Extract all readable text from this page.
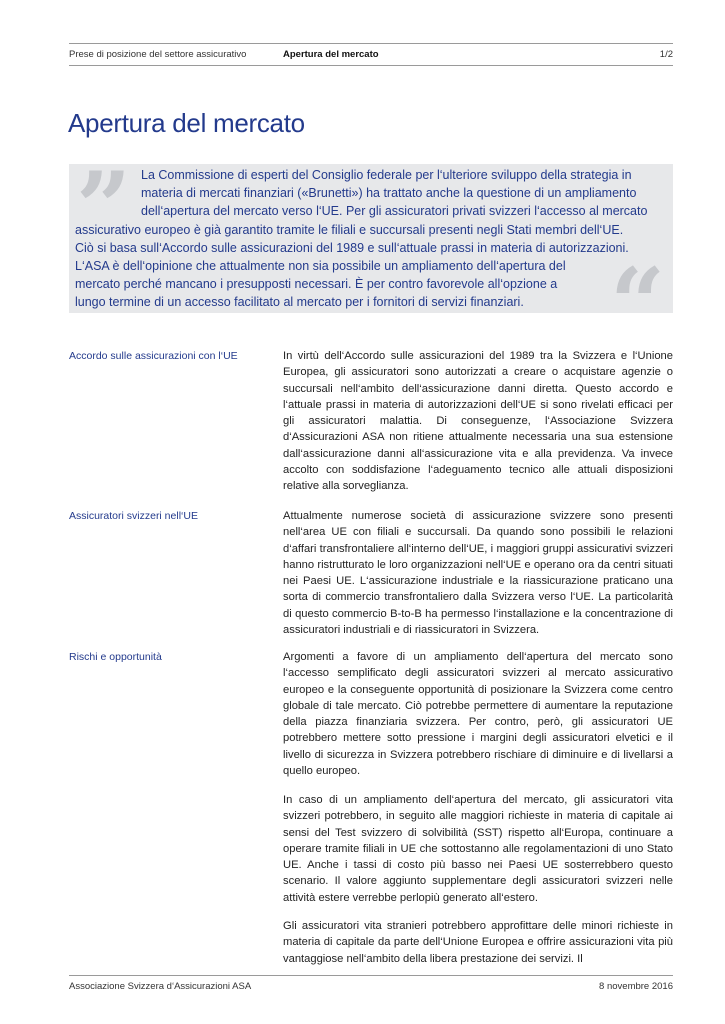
Prese di posizione del settore assicurativo	Apertura del mercato	1/2
Apertura del mercato
”
“
La Commissione di esperti del Consiglio federale per l‘ulteriore sviluppo della strategia in
materia di mercati finanziari («Brunetti») ha trattato anche la questione di un ampliamento
dell‘apertura del mercato verso l‘UE. Per gli assicuratori privati svizzeri l‘accesso al mercato
assicurativo europeo è già garantito tramite le filiali e succursali presenti negli Stati membri dell‘UE.
Ciò si basa sull‘Accordo sulle assicurazioni del 1989 e sull‘attuale prassi in materia di autorizzazioni.
L‘ASA è dell‘opinione che attualmente non sia possibile un ampliamento dell‘apertura del
mercato perché mancano i presupposti necessari. È per contro favorevole all‘opzione a
lungo termine di un accesso facilitato al mercato per i fornitori di servizi finanziari.
Accordo sulle assicurazioni con l‘UE	In virtù dell‘Accordo sulle assicurazioni del 1989 tra la Svizzera e l‘Unione Europea, gli assicuratori sono autorizzati a creare o acquistare agenzie o succursali nell‘ambito dell‘assicurazione danni diretta. Questo accordo e l‘attuale prassi in materia di autorizzazioni dell‘UE si sono rivelati efficaci per gli assicuratori malattia. Di conseguenze, l‘Associazione Svizzera d‘Assicurazioni ASA non ritiene attualmente necessaria una sua estensione dall‘assicurazione danni all‘assicurazione vita e alla previdenza. Va invece accolto con soddisfazione l‘adeguamento tecnico alle attuali disposizioni relative alla sorveglianza.

Assicuratori svizzeri nell‘UE	Attualmente numerose società di assicurazione svizzere sono presenti nell‘area UE con filiali e succursali. Da quando sono possibili le relazioni d‘affari transfrontaliere all‘interno dell‘UE, i maggiori gruppi assicurativi svizzeri hanno ristrutturato le loro organizzazioni nell‘UE e operano ora da centri situati nei Paesi UE. L‘assicurazione industriale e la riassicurazione praticano una sorta di commercio transfrontaliero dalla Svizzera verso l‘UE. La particolarità di questo commercio B-to-B ha permesso l‘installazione e la concentrazione di assicuratori industriali e di riassicuratori in Svizzera.

Rischi e opportunità	Argomenti a favore di un ampliamento dell‘apertura del mercato sono l‘accesso semplificato degli assicuratori svizzeri al mercato assicurativo europeo e la conseguente opportunità di posizionare la Svizzera come centro globale di tale mercato. Ciò potrebbe permettere di aumentare la reputazione della piazza finanziaria svizzera. Per contro, però, gli assicuratori UE potrebbero mettere sotto pressione i margini degli assicuratori elvetici e il livello di sicurezza in Svizzera potrebbero rischiare di diminuire e di livellarsi a quello europeo.

In caso di un ampliamento dell‘apertura del mercato, gli assicuratori vita svizzeri potrebbero, in seguito alle maggiori richieste in materia di capitale ai sensi del Test svizzero di solvibilità (SST) rispetto all‘Europa, continuare a operare tramite filiali in UE che sottostanno alle regolamentazioni di uno Stato UE. Anche i tassi di costo più basso nei Paesi UE sosterrebbero questo scenario. Il valore aggiunto supplementare degli assicuratori svizzeri nelle attività estere verrebbe perlopiù generato all‘estero.

Gli assicuratori vita stranieri potrebbero approfittare delle minori richieste in materia di capitale da parte dell‘Unione Europea e offrire assicurazioni vita più vantaggiose nell‘ambito della libera prestazione dei servizi. Il

Associazione Svizzera d‘Assicurazioni ASA	8 novembre 2016
